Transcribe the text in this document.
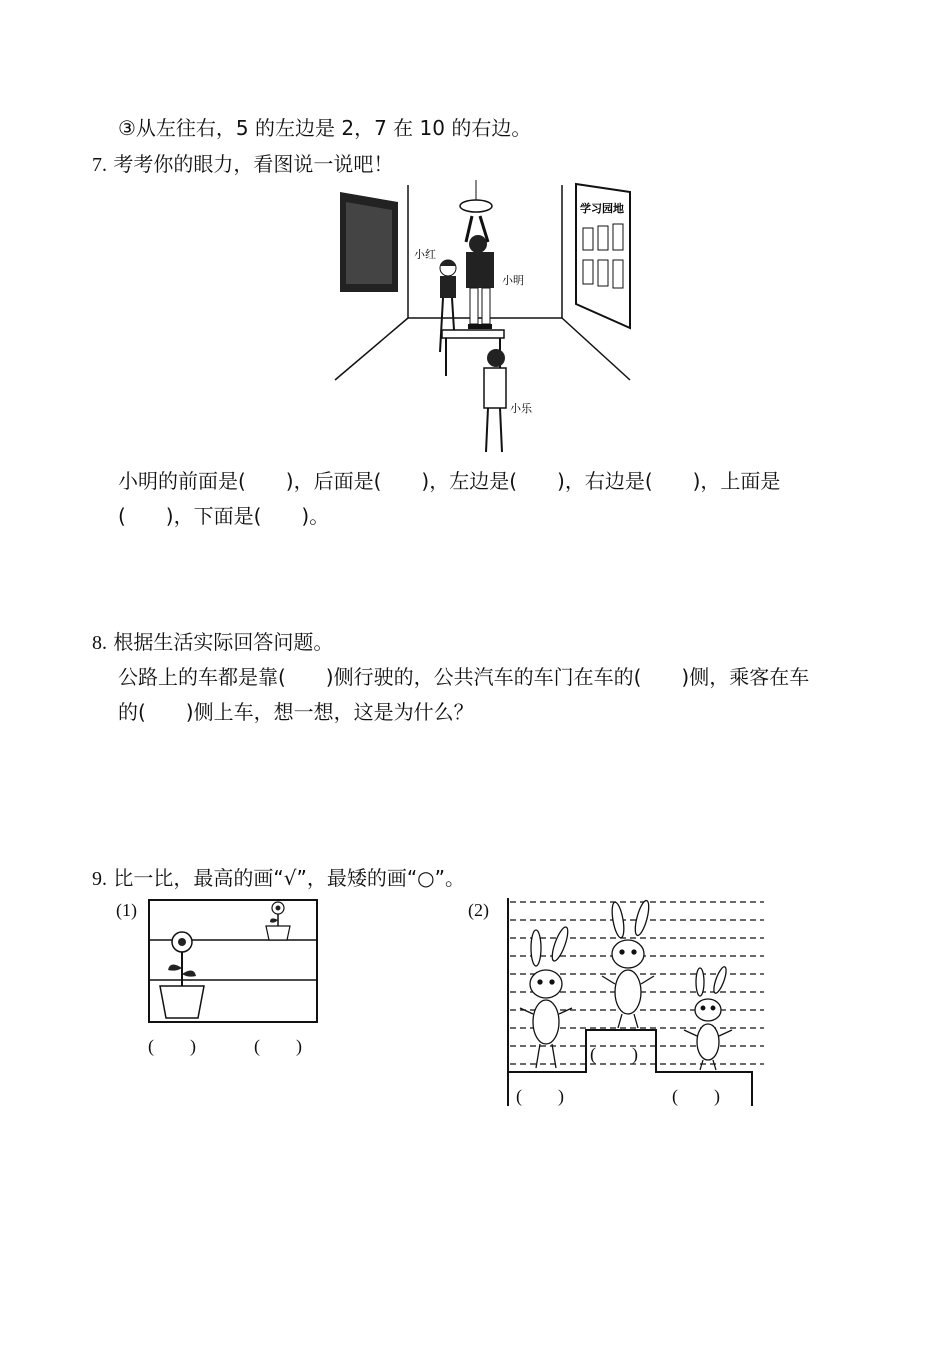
③从左往右，5 的左边是 2，7 在 10 的右边。
7. 考考你的眼力，看图说一说吧！
学习园地
小红
小明
小乐
小明的前面是(　　)，后面是(　　)，左边是(　　)，右边是(　　)，上面是
(　　)，下面是(　　)。
8. 根据生活实际回答问题。
公路上的车都是靠(　　)侧行驶的，公共汽车的车门在车的(　　)侧，乘客在车
的(　　)侧上车，想一想，这是为什么？
9. 比一比，最高的画“√”，最矮的画“○”。
(1)
(　　)	(　　)
(2)
(　　)
(　　)	(　　)
